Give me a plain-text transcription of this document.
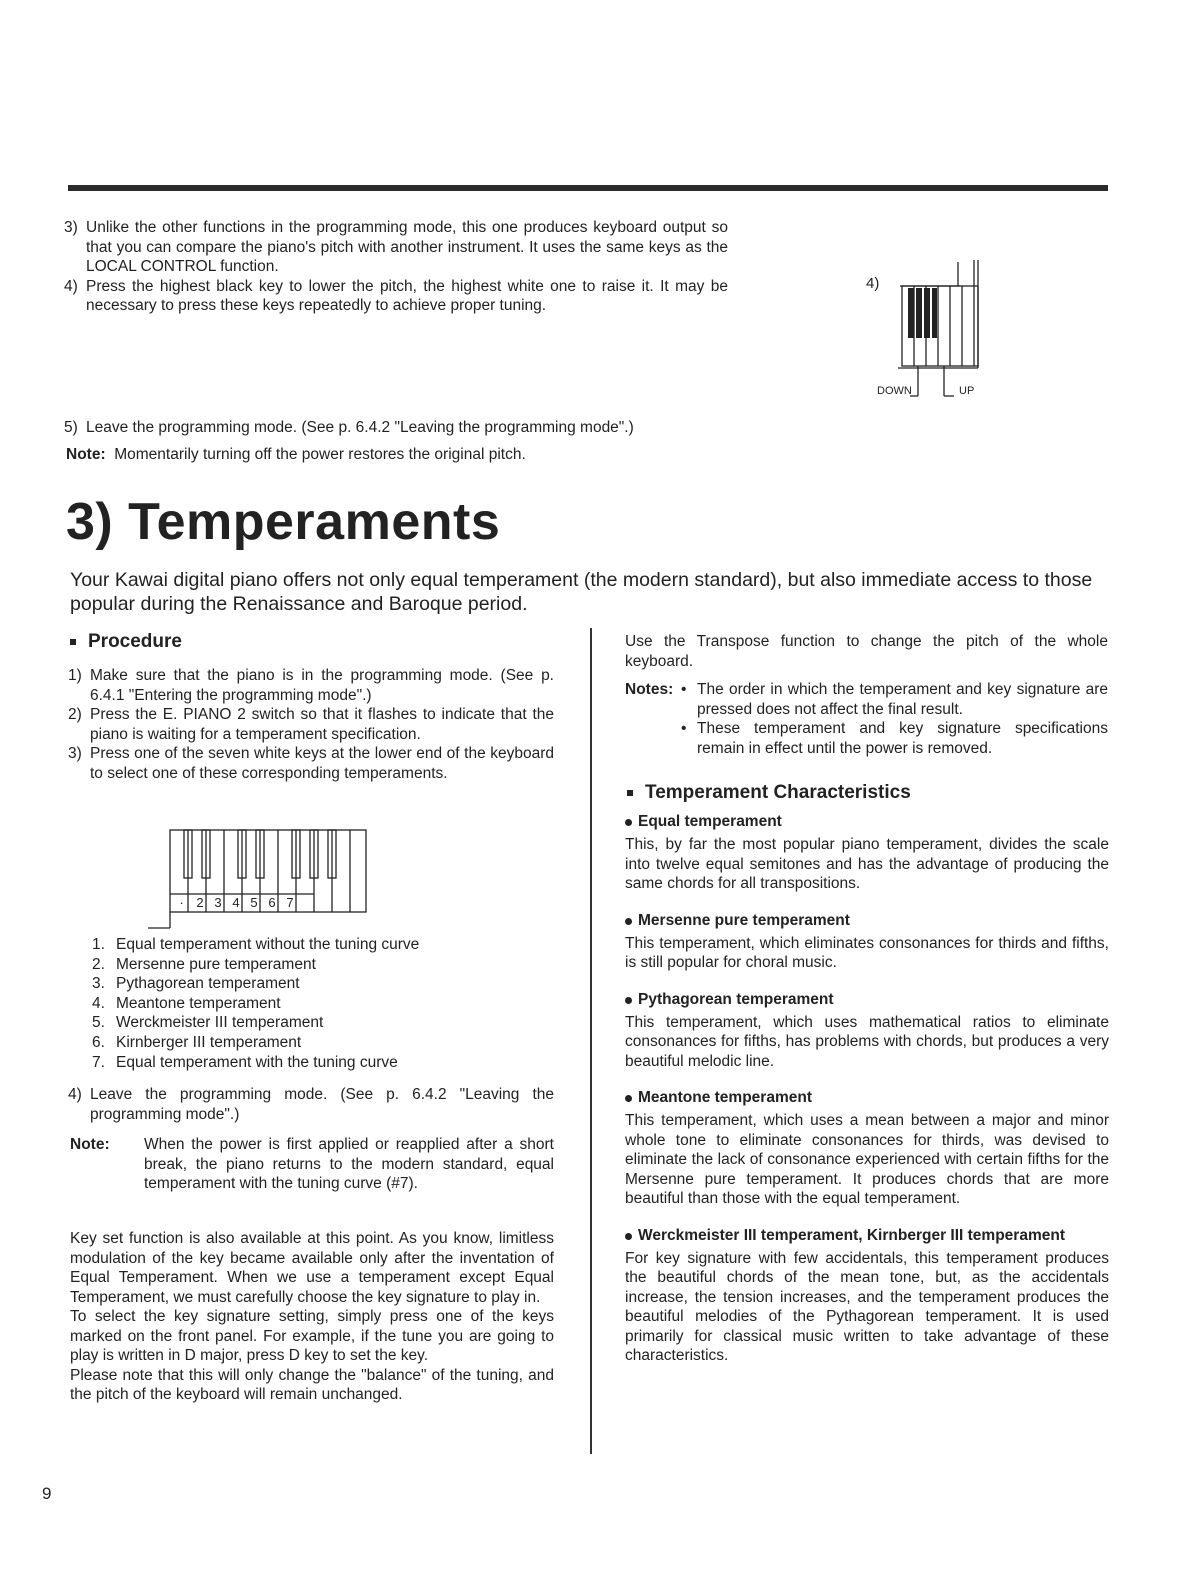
3) Unlike the other functions in the programming mode, this one produces keyboard output so that you can compare the piano's pitch with another instrument. It uses the same keys as the LOCAL CONTROL function.
4) Press the highest black key to lower the pitch, the highest white one to raise it. It may be necessary to press these keys repeatedly to achieve proper tuning.
4)
DOWN	UP
5) Leave the programming mode. (See p. 6.4.2 "Leaving the programming mode".)
Note: Momentarily turning off the power restores the original pitch.
3) Temperaments
Your Kawai digital piano offers not only equal temperament (the modern standard), but also immediate access to those popular during the Renaissance and Baroque period.
Procedure
1) Make sure that the piano is in the programming mode. (See p. 6.4.1 "Entering the programming mode".)
2) Press the E. PIANO 2 switch so that it flashes to indicate that the piano is waiting for a temperament specification.
3) Press one of the seven white keys at the lower end of the keyboard to select one of these corresponding temperaments.
· 2 3 4 5 6 7
1. Equal temperament without the tuning curve
2. Mersenne pure temperament
3. Pythagorean temperament
4. Meantone temperament
5. Werckmeister III temperament
6. Kirnberger III temperament
7. Equal temperament with the tuning curve
4) Leave the programming mode. (See p. 6.4.2 "Leaving the programming mode".)
Note:	When the power is first applied or reapplied after a short break, the piano returns to the modern standard, equal temperament with the tuning curve (#7).
Key set function is also available at this point. As you know, limitless modulation of the key became available only after the inventation of Equal Temperament. When we use a temperament except Equal Temperament, we must carefully choose the key signature to play in.
To select the key signature setting, simply press one of the keys marked on the front panel. For example, if the tune you are going to play is written in D major, press D key to set the key.
Please note that this will only change the "balance" of the tuning, and the pitch of the keyboard will remain unchanged.
Use the Transpose function to change the pitch of the whole keyboard.
Notes: • The order in which the temperament and key signature are pressed does not affect the final result.
• These temperament and key signature specifications remain in effect until the power is removed.
Temperament Characteristics
Equal temperament
This, by far the most popular piano temperament, divides the scale into twelve equal semitones and has the advantage of producing the same chords for all transpositions.
Mersenne pure temperament
This temperament, which eliminates consonances for thirds and fifths, is still popular for choral music.
Pythagorean temperament
This temperament, which uses mathematical ratios to eliminate consonances for fifths, has problems with chords, but produces a very beautiful melodic line.
Meantone temperament
This temperament, which uses a mean between a major and minor whole tone to eliminate consonances for thirds, was devised to eliminate the lack of consonance experienced with certain fifths for the Mersenne pure temperament. It produces chords that are more beautiful than those with the equal temperament.
Werckmeister III temperament, Kirnberger III temperament
For key signature with few accidentals, this temperament produces the beautiful chords of the mean tone, but, as the accidentals increase, the tension increases, and the temperament produces the beautiful melodies of the Pythagorean temperament. It is used primarily for classical music written to take advantage of these characteristics.
9
